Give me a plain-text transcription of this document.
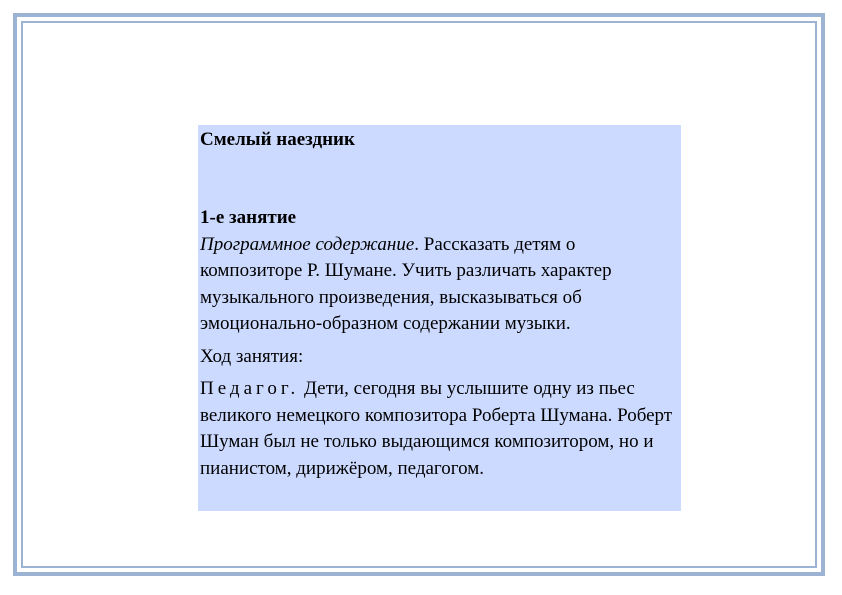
Смелый наездник

1-е занятие

Программное содержание. Рассказать детям о композиторе Р. Шумане. Учить различать характер музыкального произведения, высказываться об эмоционально-образном содержании музыки.

Ход занятия:

Педагог. Дети, сегодня вы услышите одну из пьес великого немецкого композитора Роберта Шумана. Роберт Шуман был не только выдающимся композитором, но и пианистом, дирижёром, педагогом.
